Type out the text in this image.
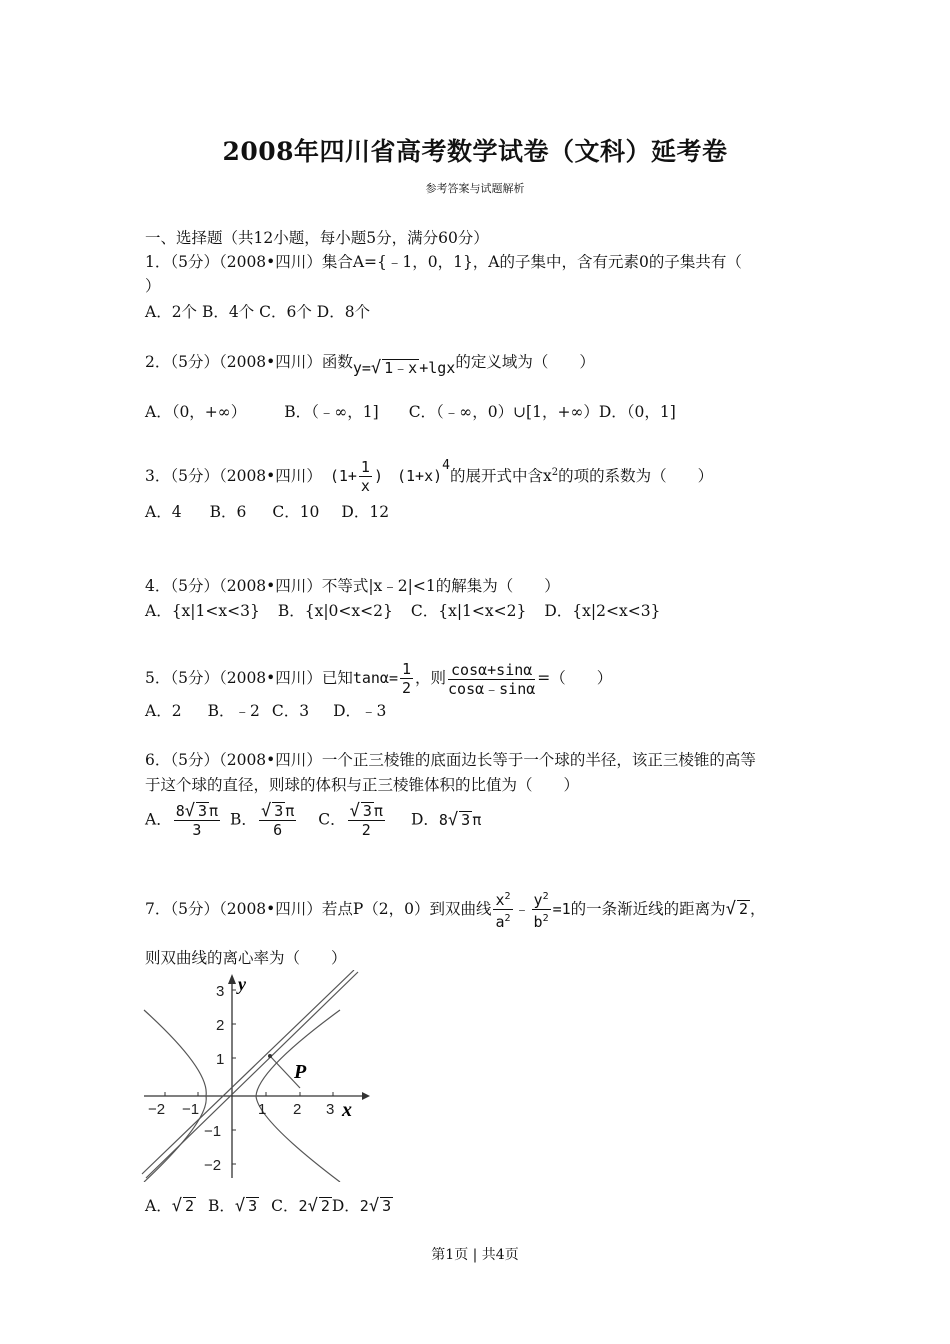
2008年四川省高考数学试卷（文科）延考卷
参考答案与试题解析
一、选择题（共12小题，每小题5分，满分60分）
1．（5分）（2008•四川）集合A={﹣1，0，1}，A的子集中，含有元素0的子集共有（
）
A．2个 B．4个 C．6个 D．8个
2．（5分）（2008•四川）函数y=√ 1﹣x +lgx的定义域为（　　）
A．（0，+∞） B．（﹣∞，1] C．（﹣∞，0）∪[1，+∞）D．（0，1]
3．（5分）（2008•四川） ($1+ \frac{1}{x}$ ) $(1+x)^4$的展开式中含$x^2$的项的系数为（　　）
A．4 B．6 C．10 D．12
4．（5分）（2008•四川）不等式|x﹣2|<1的解集为（　　）
A．{x|1<x<3} B．{x|0<x<2} C．{x|1<x<2} D．{x|2<x<3}
5．（5分）（2008•四川）已知$\tan\alpha= \frac{1}{2}$ ，则 $\frac{\cos\alpha+\sin\alpha}{\cos\alpha﹣\sin\alpha}$ =（　　）
A．2 B．﹣2 C．3 D．﹣3
6．（5分）（2008•四川）一个正三棱锥的底面边长等于一个球的半径，该正三棱锥的高等
于这个球的直径，则球的体积与正三棱锥体积的比值为（　　）
A． $\frac{8√ 3 \pi}{3}$ B． $\frac{√ 3 \pi}{6}$ C． $\frac{√ 3 \pi}{2}$ D．8√ 3 π
7．（5分）（2008•四川）若点P（2，0）到双曲线 $\frac{x^2}{a^2}$ ﹣ $\frac{y^2}{b^2} =1$的一条渐近线的距离为√ 2 ，
则双曲线的离心率为（　　）
y
x
P
−2 −1	1 2 3
3
2
1
−1
−2
A．√ 2 B．√ 3 C．2√ 2 D．2√ 3
第1页 | 共4页
